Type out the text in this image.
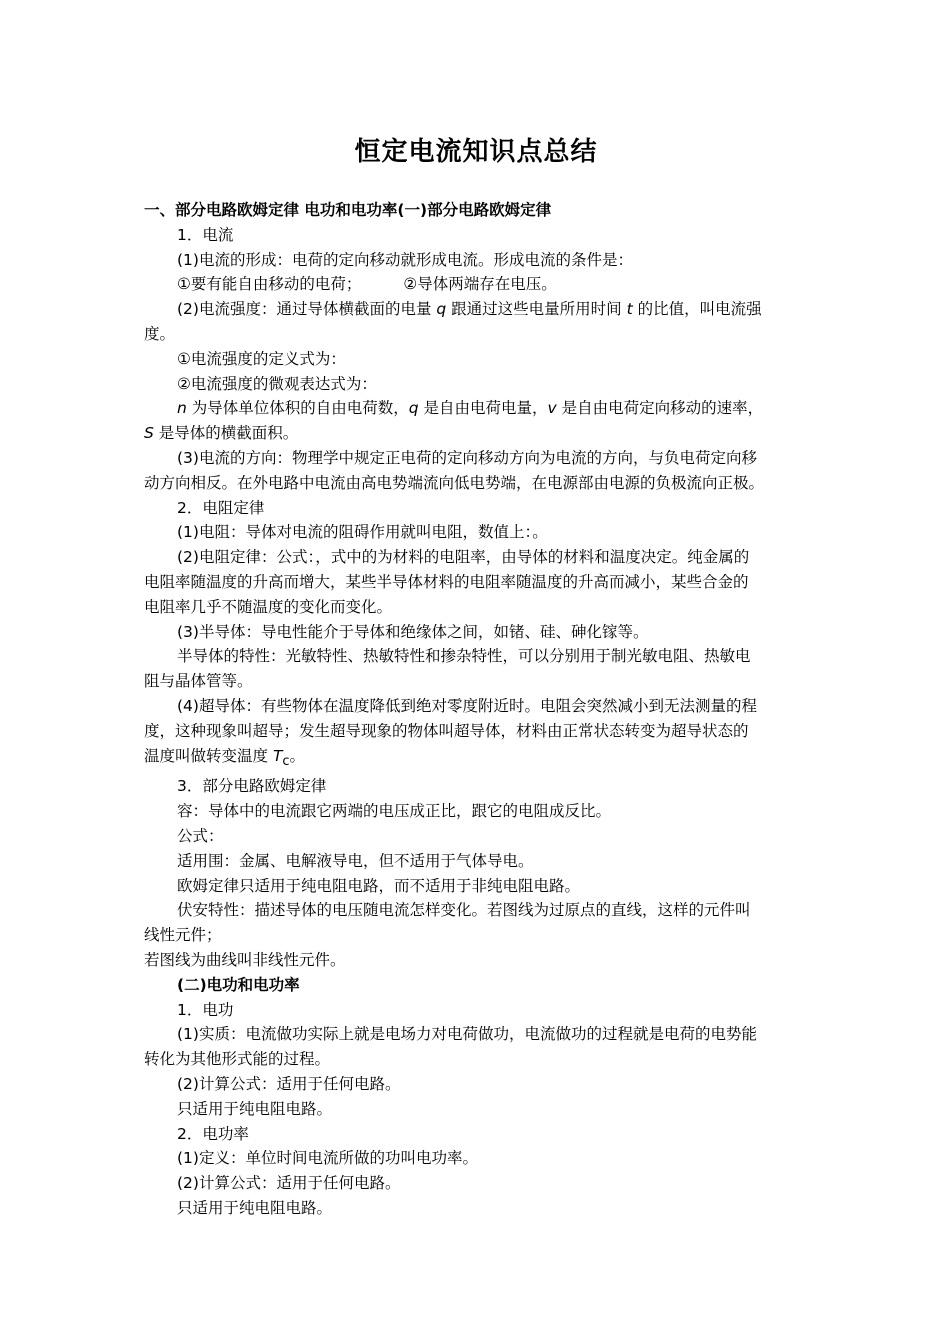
恒定电流知识点总结

一、部分电路欧姆定律 电功和电功率(一)部分电路欧姆定律

1．电流

(1)电流的形成：电荷的定向移动就形成电流。形成电流的条件是：

①要有能自由移动的电荷；	②导体两端存在电压。

(2)电流强度：通过导体横截面的电量 q 跟通过这些电量所用时间 t 的比值，叫电流强

度。

①电流强度的定义式为：

②电流强度的微观表达式为：

n 为导体单位体积的自由电荷数，q 是自由电荷电量，v 是自由电荷定向移动的速率，

S 是导体的横截面积。

(3)电流的方向：物理学中规定正电荷的定向移动方向为电流的方向，与负电荷定向移

动方向相反。在外电路中电流由高电势端流向低电势端，在电源部由电源的负极流向正极。

2．电阻定律

(1)电阻：导体对电流的阻碍作用就叫电阻，数值上：。

(2)电阻定律：公式：，式中的为材料的电阻率，由导体的材料和温度决定。纯金属的

电阻率随温度的升高而增大，某些半导体材料的电阻率随温度的升高而减小，某些合金的

电阻率几乎不随温度的变化而变化。

(3)半导体：导电性能介于导体和绝缘体之间，如锗、硅、砷化镓等。

半导体的特性：光敏特性、热敏特性和掺杂特性，可以分别用于制光敏电阻、热敏电

阻与晶体管等。

(4)超导体：有些物体在温度降低到绝对零度附近时。电阻会突然减小到无法测量的程

度，这种现象叫超导；发生超导现象的物体叫超导体，材料由正常状态转变为超导状态的

温度叫做转变温度 $T_c$。

3．部分电路欧姆定律

容：导体中的电流跟它两端的电压成正比，跟它的电阻成反比。

公式：

适用围：金属、电解液导电，但不适用于气体导电。

欧姆定律只适用于纯电阻电路，而不适用于非纯电阻电路。

伏安特性：描述导体的电压随电流怎样变化。若图线为过原点的直线，这样的元件叫

线性元件；

若图线为曲线叫非线性元件。

(二)电功和电功率

1．电功

(1)实质：电流做功实际上就是电场力对电荷做功，电流做功的过程就是电荷的电势能

转化为其他形式能的过程。

(2)计算公式：适用于任何电路。

只适用于纯电阻电路。

2．电功率

(1)定义：单位时间电流所做的功叫电功率。

(2)计算公式：适用于任何电路。

只适用于纯电阻电路。
